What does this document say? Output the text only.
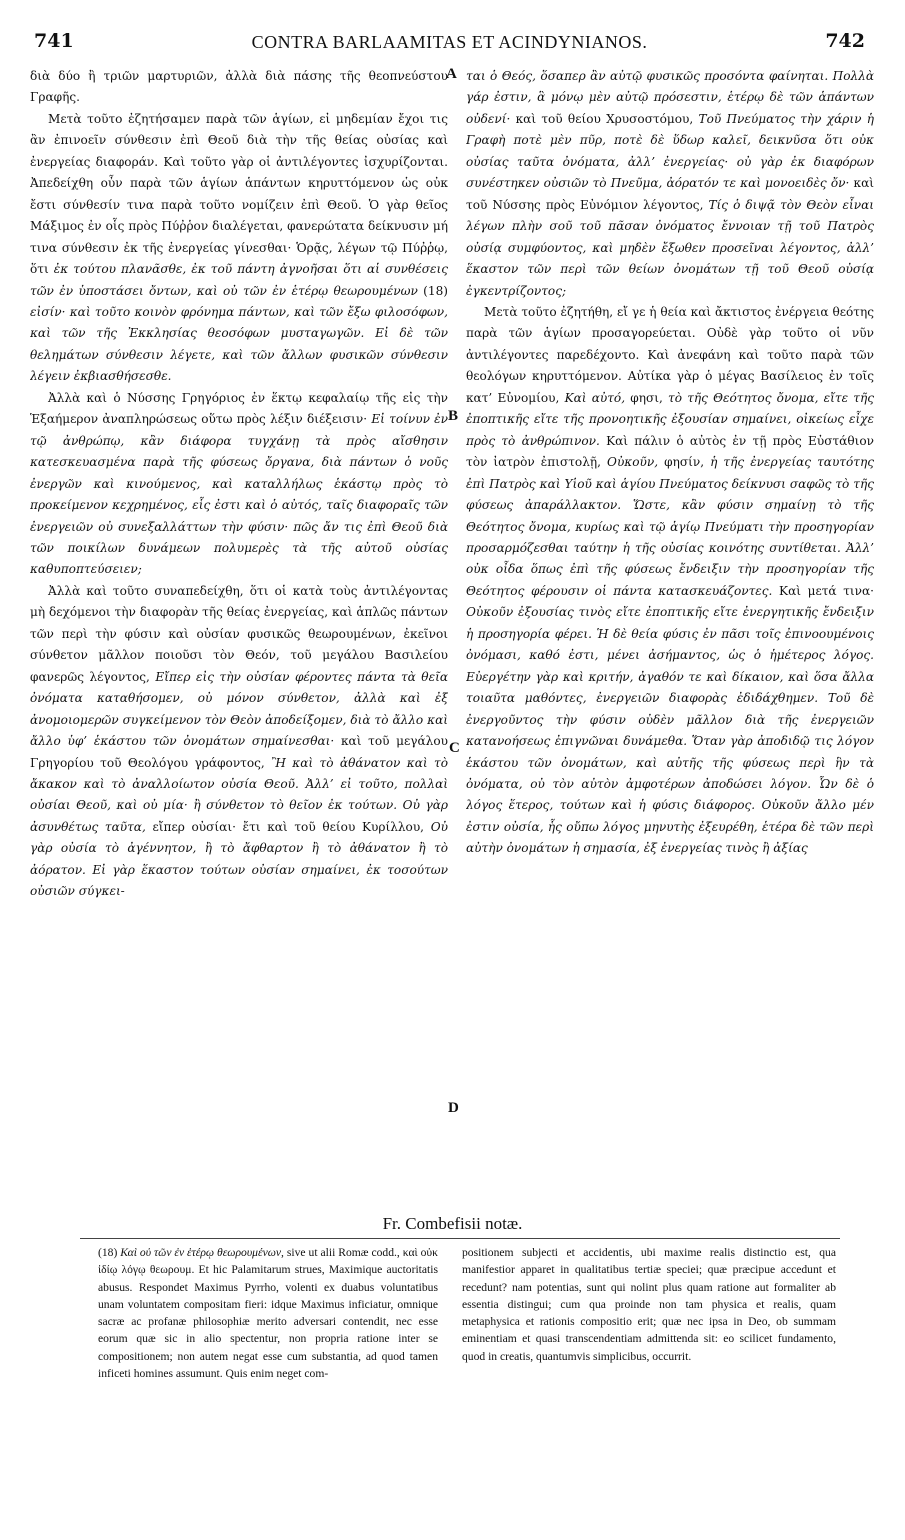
741	CONTRA BARLAAMITAS ET ACINDYNIANOS.	742

διὰ δύο ἢ τριῶν μαρτυριῶν, ἀλλὰ διὰ πάσης τῆς θεοπνεύστου Γραφῆς.

Μετὰ τοῦτο ἐζητήσαμεν παρὰ τῶν ἁγίων, εἰ μηδεμίαν ἔχοι τις ἂν ἐπινοεῖν σύνθεσιν ἐπὶ Θεοῦ διὰ τὴν τῆς θείας οὐσίας καὶ ἐνεργείας διαφοράν. Καὶ τοῦτο γὰρ οἱ ἀντιλέγοντες ἰσχυρίζονται. Ἀπεδείχθη οὖν παρὰ τῶν ἁγίων ἁπάντων κηρυττόμενον ὡς οὐκ ἔστι σύνθεσίν τινα παρὰ τοῦτο νομίζειν ἐπὶ Θεοῦ. Ὁ γὰρ θεῖος Μάξιμος ἐν οἷς πρὸς Πύῤῥον διαλέγεται, φανερώτατα δείκνυσιν μή τινα σύνθεσιν ἐκ τῆς ἐνεργείας γίνεσθαι· Ὁρᾷς, λέγων τῷ Πύῤῥῳ, ὅτι ἐκ τούτου πλανᾶσθε, ἐκ τοῦ πάντη ἀγνοῆσαι ὅτι αἱ συνθέσεις τῶν ἐν ὑποστάσει ὄντων, καὶ οὐ τῶν ἐν ἑτέρῳ θεωρουμένων (18) εἰσίν· καὶ τοῦτο κοινὸν φρόνημα πάντων, καὶ τῶν ἔξω φιλοσόφων, καὶ τῶν τῆς Ἐκκλησίας θεοσόφων μυσταγωγῶν. Εἰ δὲ τῶν θελημάτων σύνθεσιν λέγετε, καὶ τῶν ἄλλων φυσικῶν σύνθεσιν λέγειν ἐκβιασθήσεσθε.

Ἀλλὰ καὶ ὁ Νύσσης Γρηγόριος ἐν ἕκτῳ κεφαλαίῳ τῆς εἰς τὴν Ἑξαήμερον ἀναπληρώσεως οὕτω πρὸς λέξιν διέξεισιν· Εἰ τοίνυν ἐν τῷ ἀνθρώπῳ, κἂν διάφορα τυγχάνῃ τὰ πρὸς αἴσθησιν κατεσκευασμένα παρὰ τῆς φύσεως ὄργανα, διὰ πάντων ὁ νοῦς ἐνεργῶν καὶ κινούμενος, καὶ καταλλήλως ἑκάστῳ πρὸς τὸ προκείμενον κεχρημένος, εἷς ἐστι καὶ ὁ αὐτός, ταῖς διαφοραῖς τῶν ἐνεργειῶν οὐ συνεξαλλάττων τὴν φύσιν· πῶς ἄν τις ἐπὶ Θεοῦ διὰ τῶν ποικίλων δυνάμεων πολυμερὲς τὰ τῆς αὐτοῦ οὐσίας καθυποπτεύσειεν;

Ἀλλὰ καὶ τοῦτο συναπεδείχθη, ὅτι οἱ κατὰ τοὺς ἀντιλέγοντας μὴ δεχόμενοι τὴν διαφορὰν τῆς θείας ἐνεργείας, καὶ ἁπλῶς πάντων τῶν περὶ τὴν φύσιν καὶ οὐσίαν φυσικῶς θεωρουμένων, ἐκεῖνοι σύνθετον μᾶλλον ποιοῦσι τὸν Θεόν, τοῦ μεγάλου Βασιλείου φανερῶς λέγοντος, Εἴπερ εἰς τὴν οὐσίαν φέροντες πάντα τὰ θεῖα ὀνόματα καταθήσομεν, οὐ μόνον σύνθετον, ἀλλὰ καὶ ἐξ ἀνομοιομερῶν συγκείμενον τὸν Θεὸν ἀποδείξομεν, διὰ τὸ ἄλλο καὶ ἄλλο ὑφ’ ἑκάστου τῶν ὀνομάτων σημαίνεσθαι· καὶ τοῦ μεγάλου Γρηγορίου τοῦ Θεολόγου γράφοντος, Ἢ καὶ τὸ ἀθάνατον καὶ τὸ ἄκακον καὶ τὸ ἀναλλοίωτον οὐσία Θεοῦ. Ἀλλ’ εἰ τοῦτο, πολλαὶ οὐσίαι Θεοῦ, καὶ οὐ μία· ἢ σύνθετον τὸ θεῖον ἐκ τούτων. Οὐ γὰρ ἀσυνθέτως ταῦτα, εἴπερ οὐσίαι· ἔτι καὶ τοῦ θείου Κυρίλλου, Οὐ γὰρ οὐσία τὸ ἀγέννητον, ἢ τὸ ἄφθαρτον ἢ τὸ ἀθάνατον ἢ τὸ ἀόρατον. Εἰ γὰρ ἕκαστον τούτων οὐσίαν σημαίνει, ἐκ τοσούτων οὐσιῶν σύγκει-

ται ὁ Θεός, ὅσαπερ ἂν αὐτῷ φυσικῶς προσόντα φαίνηται. Πολλὰ γάρ ἐστιν, ἃ μόνῳ μὲν αὐτῷ πρόσεστιν, ἑτέρῳ δὲ τῶν ἁπάντων οὐδενί· καὶ τοῦ θείου Χρυσοστόμου, Τοῦ Πνεύματος τὴν χάριν ἡ Γραφὴ ποτὲ μὲν πῦρ, ποτὲ δὲ ὕδωρ καλεῖ, δεικνῦσα ὅτι οὐκ οὐσίας ταῦτα ὀνόματα, ἀλλ’ ἐνεργείας· οὐ γὰρ ἐκ διαφόρων συνέστηκεν οὐσιῶν τὸ Πνεῦμα, ἀόρατόν τε καὶ μονοειδὲς ὄν· καὶ τοῦ Νύσσης πρὸς Εὐνόμιον λέγοντος, Τίς ὁ διψᾷ τὸν Θεὸν εἶναι λέγων πλὴν σοῦ τοῦ πᾶσαν ὀνόματος ἔννοιαν τῇ τοῦ Πατρὸς οὐσίᾳ συμφύοντος, καὶ μηδὲν ἔξωθεν προσεῖναι λέγοντος, ἀλλ’ ἕκαστον τῶν περὶ τῶν θείων ὀνομάτων τῇ τοῦ Θεοῦ οὐσίᾳ ἐγκεντρίζοντος;

Μετὰ τοῦτο ἐζητήθη, εἴ γε ἡ θεία καὶ ἄκτιστος ἐνέργεια θεότης παρὰ τῶν ἁγίων προσαγορεύεται. Οὐδὲ γὰρ τοῦτο οἱ νῦν ἀντιλέγοντες παρεδέχοντο. Καὶ ἀνεφάνη καὶ τοῦτο παρὰ τῶν θεολόγων κηρυττόμενον. Αὐτίκα γὰρ ὁ μέγας Βασίλειος ἐν τοῖς κατ’ Εὐνομίου, Καὶ αὐτό, φησι, τὸ τῆς Θεότητος ὄνομα, εἴτε τῆς ἐποπτικῆς εἴτε τῆς προνοητικῆς ἐξουσίαν σημαίνει, οἰκείως εἶχε πρὸς τὸ ἀνθρώπινον. Καὶ πάλιν ὁ αὐτὸς ἐν τῇ πρὸς Εὐστάθιον τὸν ἰατρὸν ἐπιστολῇ, Οὐκοῦν, φησίν, ἡ τῆς ἐνεργείας ταυτότης ἐπὶ Πατρὸς καὶ Υἱοῦ καὶ ἁγίου Πνεύματος δείκνυσι σαφῶς τὸ τῆς φύσεως ἀπαράλλακτον. Ὥστε, κἂν φύσιν σημαίνῃ τὸ τῆς Θεότητος ὄνομα, κυρίως καὶ τῷ ἁγίῳ Πνεύματι τὴν προσηγορίαν προσαρμόζεσθαι ταύτην ἡ τῆς οὐσίας κοινότης συντίθεται. Ἀλλ’ οὐκ οἶδα ὅπως ἐπὶ τῆς φύσεως ἔνδειξιν τὴν προσηγορίαν τῆς Θεότητος φέρουσιν οἱ πάντα κατασκευάζοντες. Καὶ μετά τινα· Οὐκοῦν ἐξουσίας τινὸς εἴτε ἐποπτικῆς εἴτε ἐνεργητικῆς ἔνδειξιν ἡ προσηγορία φέρει. Ἡ δὲ θεία φύσις ἐν πᾶσι τοῖς ἐπινοουμένοις ὀνόμασι, καθό ἐστι, μένει ἀσήμαντος, ὡς ὁ ἡμέτερος λόγος. Εὐεργέτην γὰρ καὶ κριτήν, ἀγαθόν τε καὶ δίκαιον, καὶ ὅσα ἄλλα τοιαῦτα μαθόντες, ἐνεργειῶν διαφορὰς ἐδιδάχθημεν. Τοῦ δὲ ἐνεργοῦντος τὴν φύσιν οὐδὲν μᾶλλον διὰ τῆς ἐνεργειῶν κατανοήσεως ἐπιγνῶναι δυνάμεθα. Ὅταν γὰρ ἀποδιδῷ τις λόγον ἑκάστου τῶν ὀνομάτων, καὶ αὐτῆς τῆς φύσεως περὶ ἣν τὰ ὀνόματα, οὐ τὸν αὐτὸν ἀμφοτέρων ἀποδώσει λόγον. Ὧν δὲ ὁ λόγος ἕτερος, τούτων καὶ ἡ φύσις διάφορος. Οὐκοῦν ἄλλο μέν ἐστιν οὐσία, ἧς οὔπω λόγος μηνυτὴς ἐξευρέθη, ἑτέρα δὲ τῶν περὶ αὐτὴν ὀνομάτων ἡ σημασία, ἐξ ἐνεργείας τινὸς ἢ ἀξίας

A
B
C
D
Fr. Combefisii notæ.

(18) Καὶ οὐ τῶν ἐν ἑτέρῳ θεωρουμένων, sive ut alii Romæ codd., καὶ οὐκ ἰδίῳ λόγῳ θεωρουμ. Et hic Palamitarum strues, Maximique auctoritatis abusus. Respondet Maximus Pyrrho, volenti ex duabus voluntatibus unam voluntatem compositam fieri: idque Maximus inficiatur, omnique sacræ ac profanæ philosophiæ merito adversari contendit, nec esse eorum quæ sic in alio spectentur, non propria ratione inter se compositionem; non autem negat esse cum substantia, ad quod tamen inficeti homines assumunt. Quis enim neget com-

positionem subjecti et accidentis, ubi maxime realis distinctio est, qua manifestior apparet in qualitatibus tertiæ speciei; quæ præcipue accedunt et recedunt? nam potentias, sunt qui nolint plus quam ratione aut formaliter ab essentia distingui; cum qua proinde non tam physica et realis, quam metaphysica et rationis compositio erit; quæ nec ipsa in Deo, ob summam eminentiam et quasi transcendentiam admittenda sit: eo scilicet fundamento, quod in creatis, quantumvis simplicibus, occurrit.
